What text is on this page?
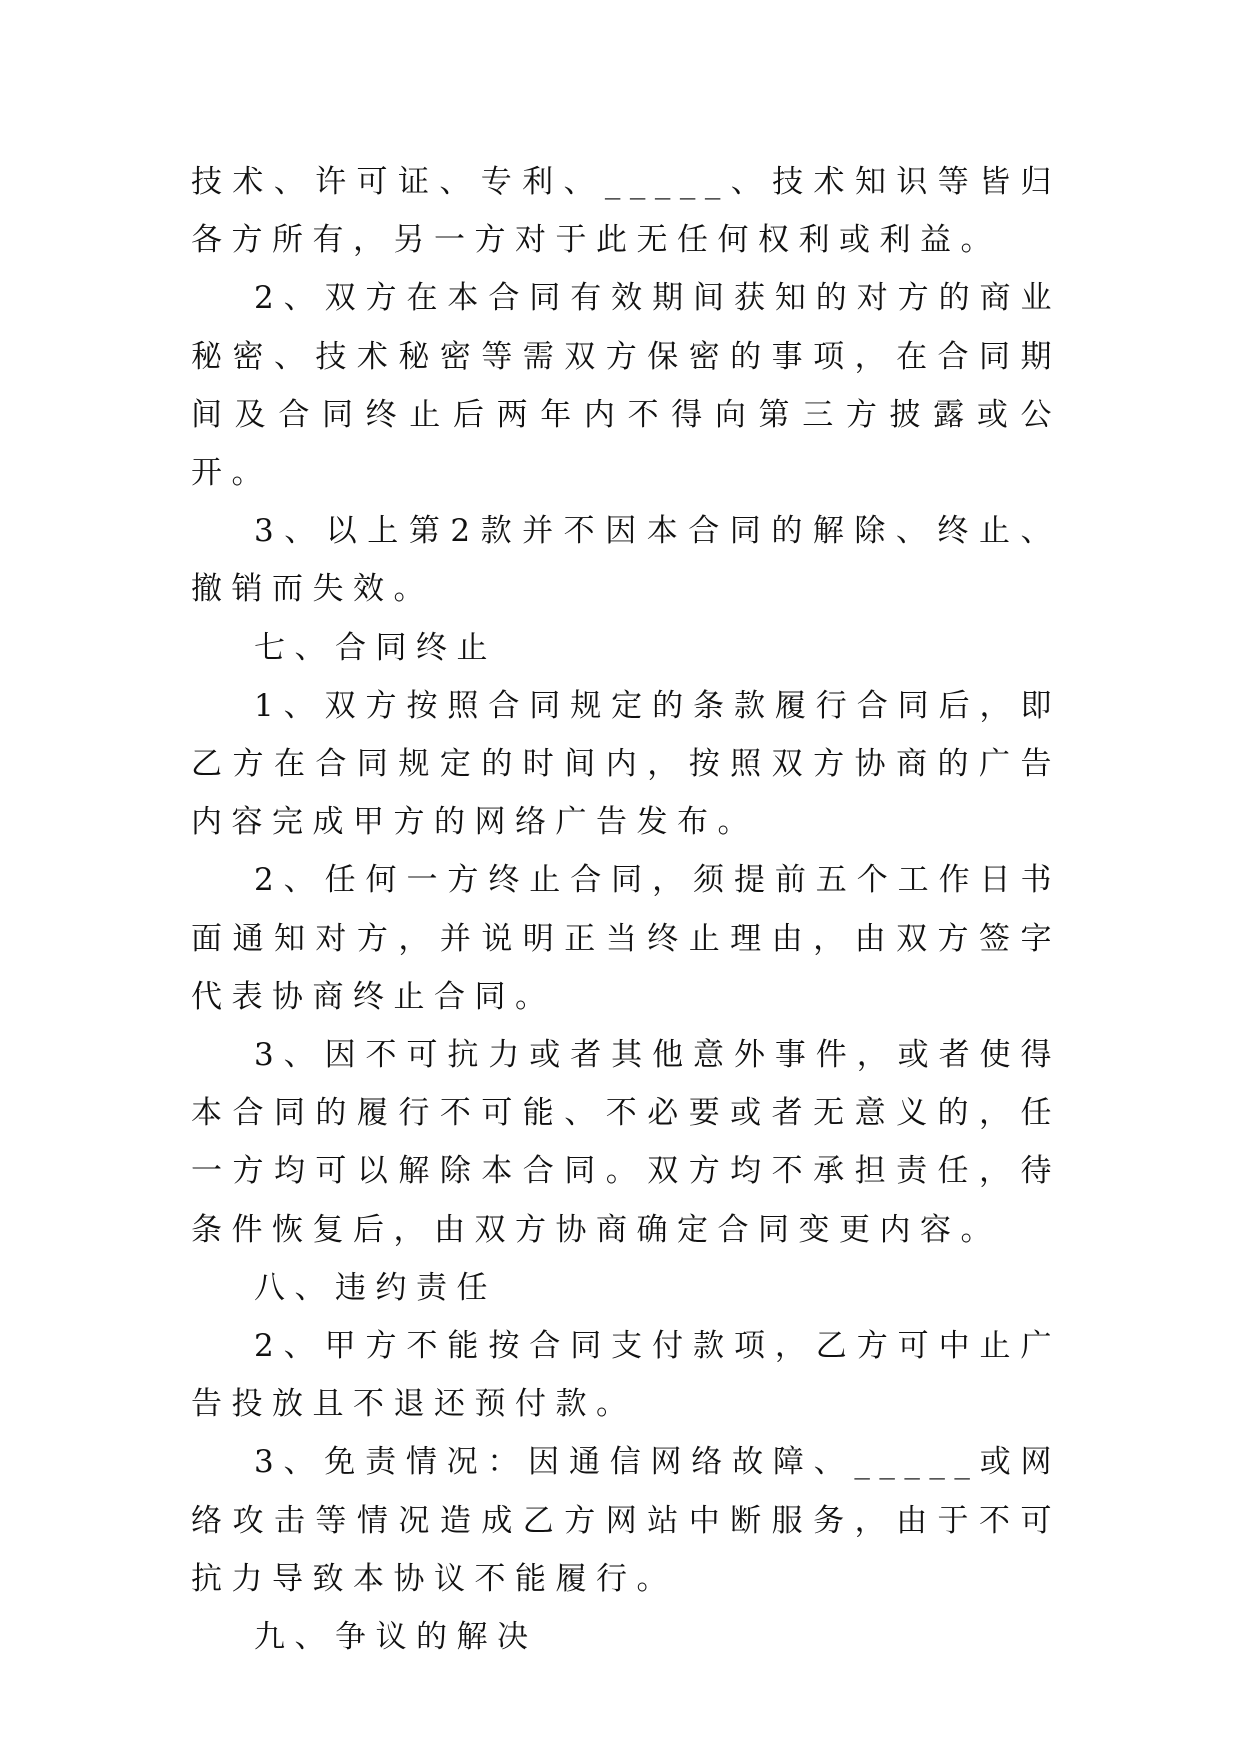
技术、许可证、专利、_____、技术知识等皆归各方所有，另一方对于此无任何权利或利益。

2、双方在本合同有效期间获知的对方的商业秘密、技术秘密等需双方保密的事项，在合同期间及合同终止后两年内不得向第三方披露或公开。

3、以上第2款并不因本合同的解除、终止、撤销而失效。

七、合同终止

1、双方按照合同规定的条款履行合同后，即乙方在合同规定的时间内，按照双方协商的广告内容完成甲方的网络广告发布。

2、任何一方终止合同，须提前五个工作日书面通知对方，并说明正当终止理由，由双方签字代表协商终止合同。

3、因不可抗力或者其他意外事件，或者使得本合同的履行不可能、不必要或者无意义的，任一方均可以解除本合同。双方均不承担责任，待条件恢复后，由双方协商确定合同变更内容。

八、违约责任

2、甲方不能按合同支付款项，乙方可中止广告投放且不退还预付款。

3、免责情况：因通信网络故障、_____或网络攻击等情况造成乙方网站中断服务，由于不可抗力导致本协议不能履行。

九、争议的解决
